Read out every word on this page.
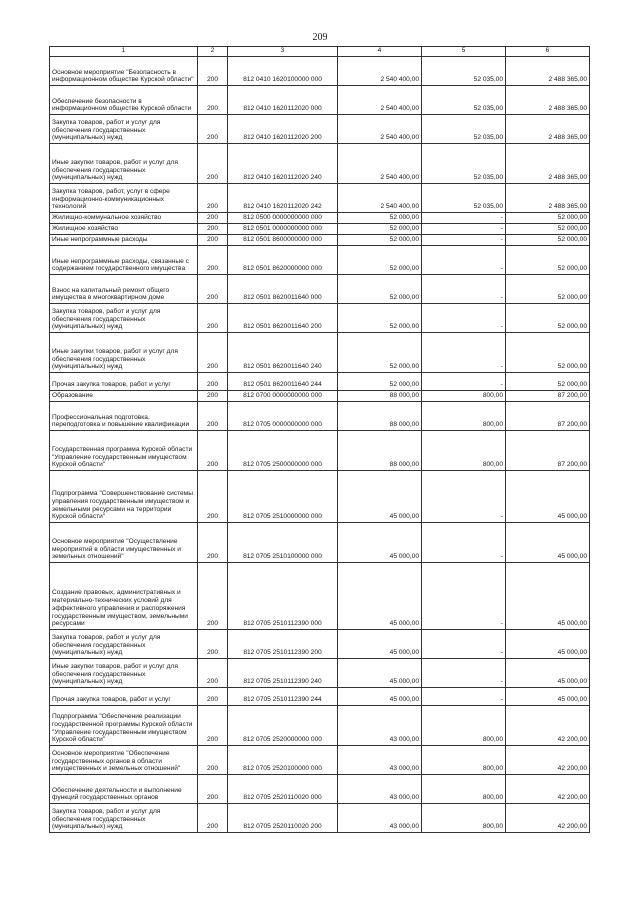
209
1	2	3	4	5	6

Основное мероприятие "Безопасность в информационном обществе Курской области"	200	812 0410 1620100000 000	2 540 400,00	52 035,00	2 488 365,00

Обеспечение безопасности в информационном обществе Курской области	200	812 0410 1620112020 000	2 540 400,00	52 035,00	2 488 365,00

Закупка товаров, работ и услуг для обеспечения государственных (муниципальных) нужд	200	812 0410 1620112020 200	2 540 400,00	52 035,00	2 488 365,00

Иные закупки товаров, работ и услуг для обеспечения государственных (муниципальных) нужд	200	812 0410 1620112020 240	2 540 400,00	52 035,00	2 488 365,00

Закупка товаров, работ, услуг в сфере информационно-коммуникационных технологий	200	812 0410 1620112020 242	2 540 400,00	52 035,00	2 488 365,00

Жилищно-коммунальное хозяйство	200	812 0500 0000000000 000	52 000,00	-	52 000,00

Жилищное хозяйство	200	812 0501 0000000000 000	52 000,00	-	52 000,00

Иные непрограммные расходы	200	812 0501 8600000000 000	52 000,00	-	52 000,00

Иные непрограммные расходы, связанные с содержанием государственного имущества	200	812 0501 8620000000 000	52 000,00	-	52 000,00

Взнос на капитальный ремонт общего имущества в многоквартирном доме	200	812 0501 8620011640 000	52 000,00	-	52 000,00

Закупка товаров, работ и услуг для обеспечения государственных (муниципальных) нужд	200	812 0501 8620011640 200	52 000,00	-	52 000,00

Иные закупки товаров, работ и услуг для обеспечения государственных (муниципальных) нужд	200	812 0501 8620011640 240	52 000,00	-	52 000,00

Прочая закупка товаров, работ и услуг	200	812 0501 8620011640 244	52 000,00	-	52 000,00

Образование	200	812 0700 0000000000 000	88 000,00	800,00	87 200,00

Профессиональная подготовка, переподготовка и повышение квалификации	200	812 0705 0000000000 000	88 000,00	800,00	87 200,00

Государственная программа Курской области "Управление государственным имуществом Курской области"	200	812 0705 2500000000 000	88 000,00	800,00	87 200,00

Подпрограмма "Совершенствование системы управления государственным имуществом и земельными ресурсами на территории Курской области"	200	812 0705 2510000000 000	45 000,00	-	45 000,00

Основное мероприятие "Осуществление мероприятий в области имущественных и земельных отношений"	200	812 0705 2510100000 000	45 000,00	-	45 000,00

Создание правовых, административных и материально-технических условий для эффективного управления и распоряжения государственным имуществом, земельными ресурсами	200	812 0705 2510112390 000	45 000,00	-	45 000,00

Закупка товаров, работ и услуг для обеспечения государственных (муниципальных) нужд	200	812 0705 2510112390 200	45 000,00	-	45 000,00

Иные закупки товаров, работ и услуг для обеспечения государственных (муниципальных) нужд	200	812 0705 2510112390 240	45 000,00	-	45 000,00

Прочая закупка товаров, работ и услуг	200	812 0705 2510112390 244	45 000,00	-	45 000,00

Подпрограмма "Обеспечение реализации государственной программы Курской области "Управление государственным имуществом Курской области"	200	812 0705 2520000000 000	43 000,00	800,00	42 200,00

Основное мероприятие "Обеспечение государственных органов в области имущественных и земельных отношений"	200	812 0705 2520100000 000	43 000,00	800,00	42 200,00

Обеспечение деятельности и выполнение функций государственных органов	200	812 0705 2520110020 000	43 000,00	800,00	42 200,00

Закупка товаров, работ и услуг для обеспечения государственных (муниципальных) нужд	200	812 0705 2520110020 200	43 000,00	800,00	42 200,00
